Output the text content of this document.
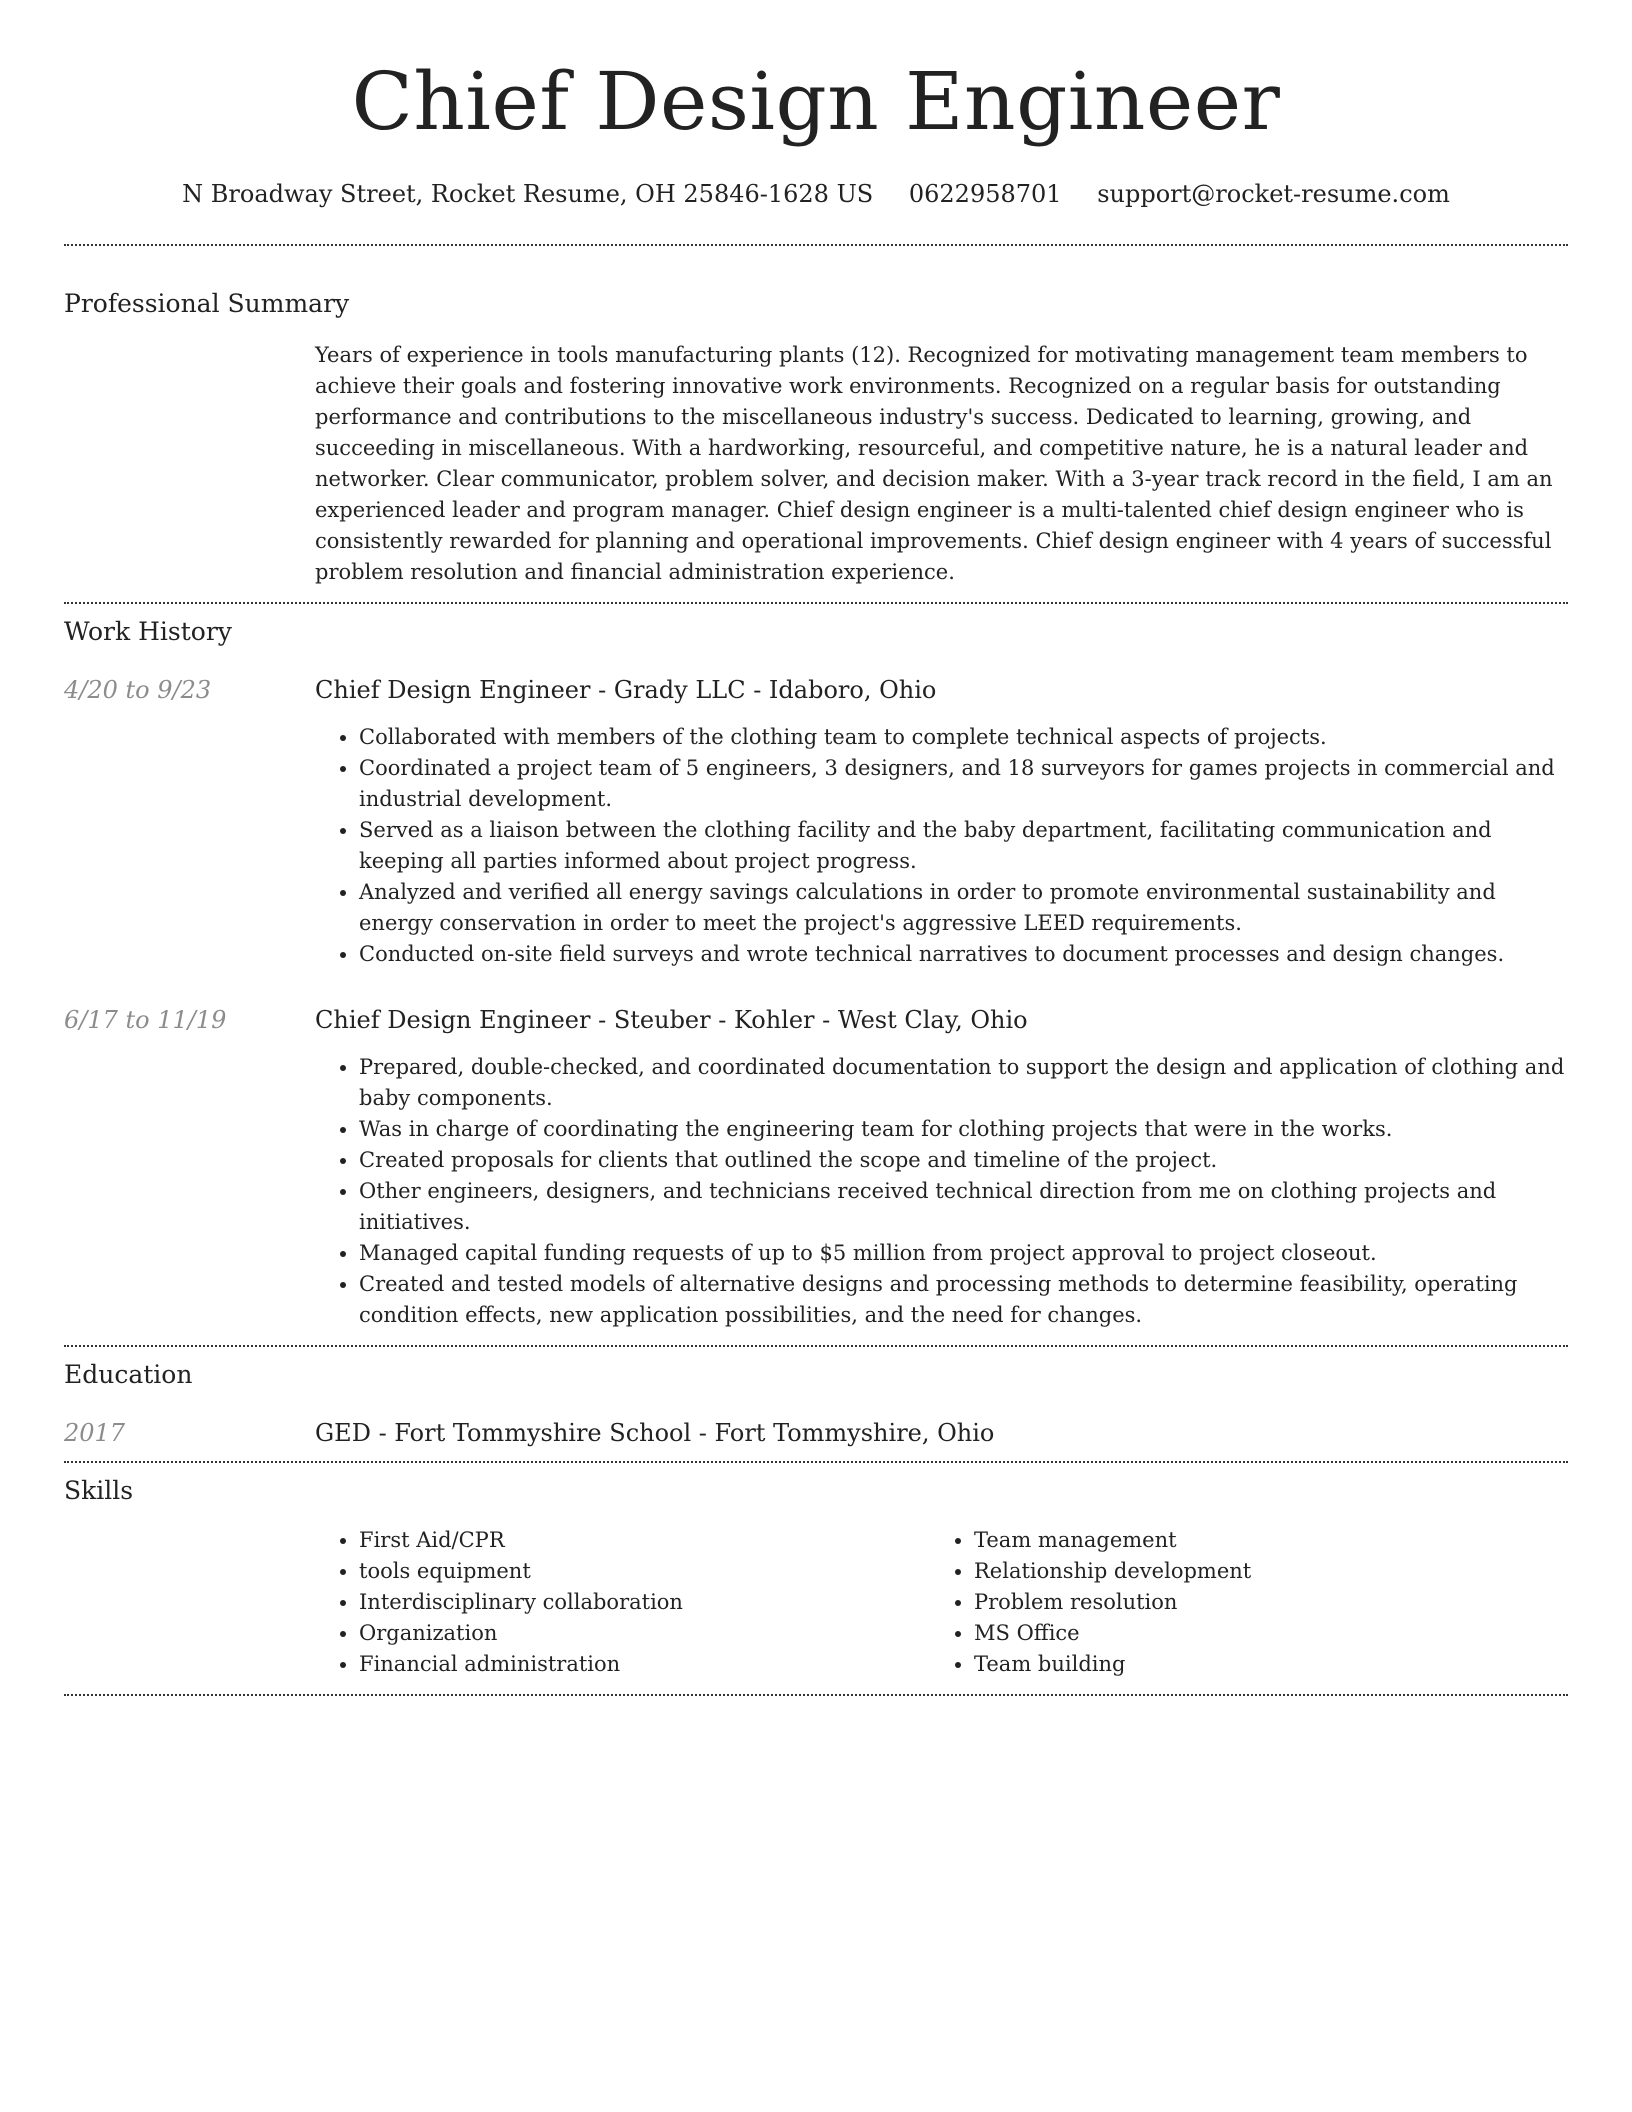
Chief Design Engineer
N Broadway Street, Rocket Resume, OH 25846-1628 US 0622958701 support@rocket-resume.com
Professional Summary
Years of experience in tools manufacturing plants (12). Recognized for motivating management team members to achieve their goals and fostering innovative work environments. Recognized on a regular basis for outstanding performance and contributions to the miscellaneous industry's success. Dedicated to learning, growing, and succeeding in miscellaneous. With a hardworking, resourceful, and competitive nature, he is a natural leader and networker. Clear communicator, problem solver, and decision maker. With a 3-year track record in the field, I am an experienced leader and program manager. Chief design engineer is a multi-talented chief design engineer who is consistently rewarded for planning and operational improvements. Chief design engineer with 4 years of successful problem resolution and financial administration experience.
Work History
4/20 to 9/23	Chief Design Engineer - Grady LLC - Idaboro, Ohio
• Collaborated with members of the clothing team to complete technical aspects of projects.
• Coordinated a project team of 5 engineers, 3 designers, and 18 surveyors for games projects in commercial and industrial development.
• Served as a liaison between the clothing facility and the baby department, facilitating communication and keeping all parties informed about project progress.
• Analyzed and verified all energy savings calculations in order to promote environmental sustainability and energy conservation in order to meet the project's aggressive LEED requirements.
• Conducted on-site field surveys and wrote technical narratives to document processes and design changes.
6/17 to 11/19	Chief Design Engineer - Steuber - Kohler - West Clay, Ohio
• Prepared, double-checked, and coordinated documentation to support the design and application of clothing and baby components.
• Was in charge of coordinating the engineering team for clothing projects that were in the works.
• Created proposals for clients that outlined the scope and timeline of the project.
• Other engineers, designers, and technicians received technical direction from me on clothing projects and initiatives.
• Managed capital funding requests of up to $5 million from project approval to project closeout.
• Created and tested models of alternative designs and processing methods to determine feasibility, operating condition effects, new application possibilities, and the need for changes.
Education
2017	GED - Fort Tommyshire School - Fort Tommyshire, Ohio
Skills
• First Aid/CPR
• tools equipment
• Interdisciplinary collaboration
• Organization
• Financial administration
• Team management
• Relationship development
• Problem resolution
• MS Office
• Team building
